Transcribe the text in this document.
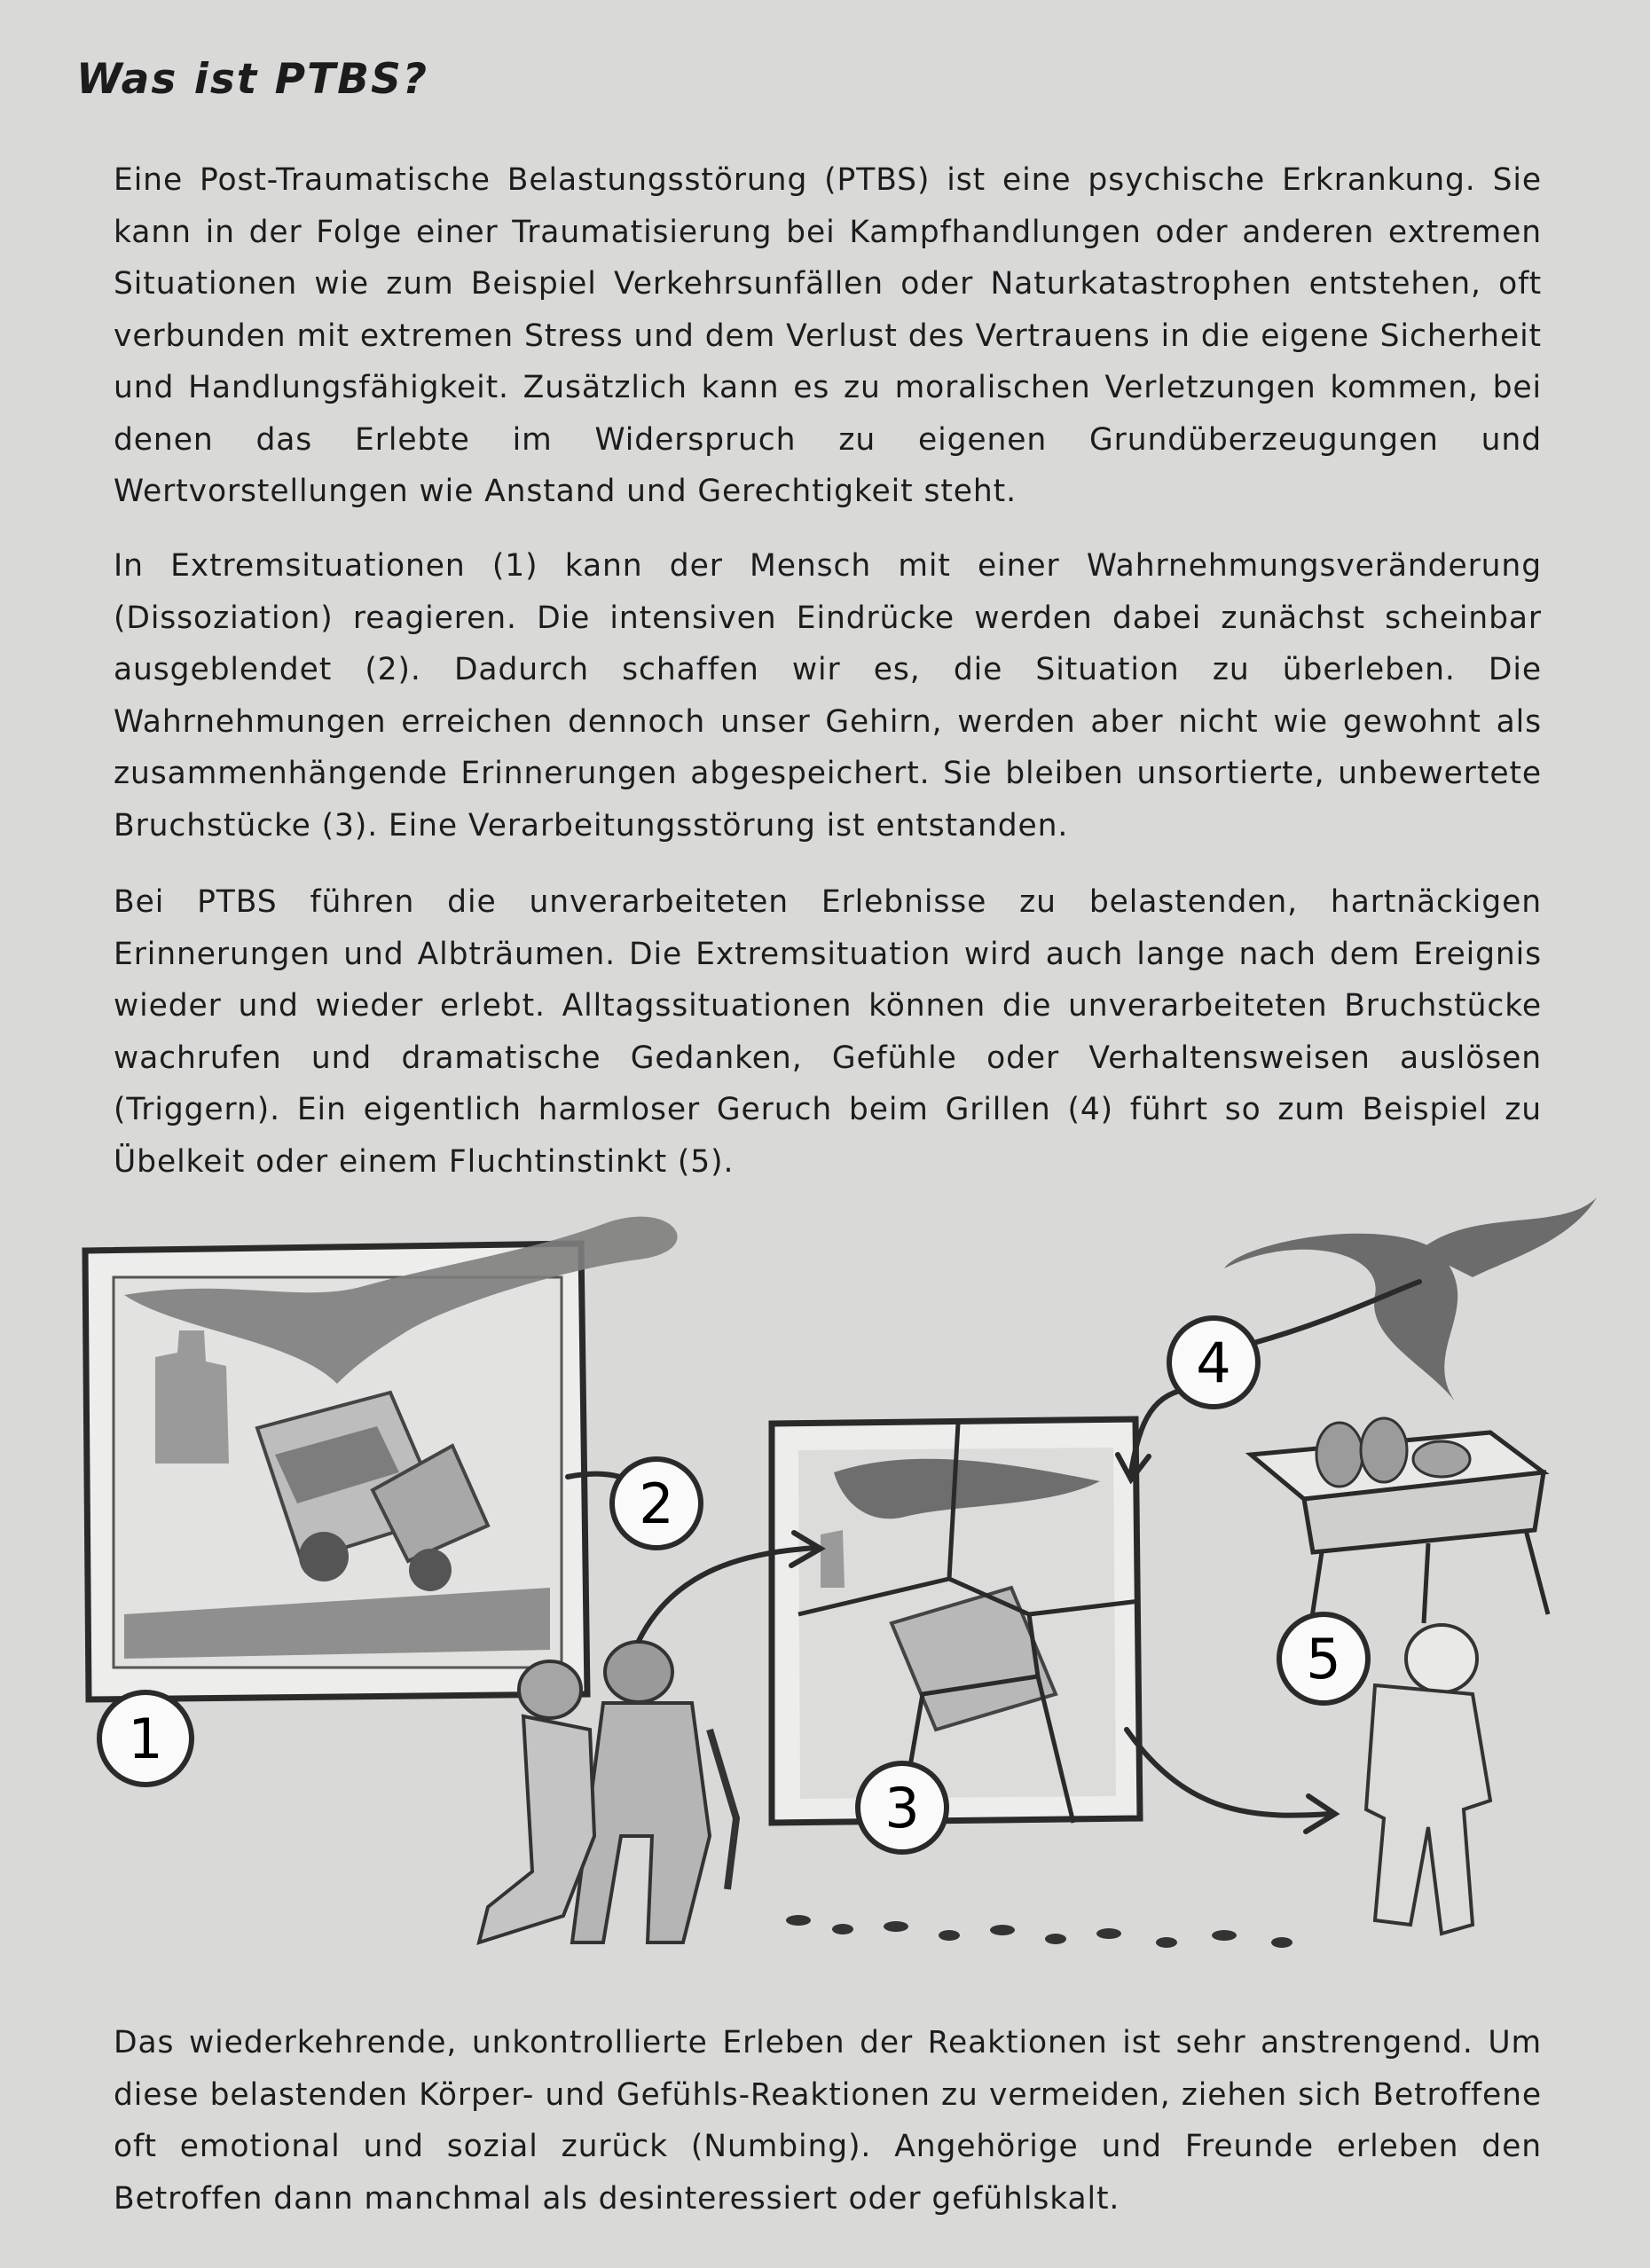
Was ist PTBS?

Eine Post-Traumatische Belastungsstörung (PTBS) ist eine psychische Erkrankung. Sie kann in der Folge einer Traumatisierung bei Kampfhandlungen oder anderen extremen Situationen wie zum Beispiel Verkehrsunfällen oder Naturkatastrophen entstehen, oft verbunden mit extremen Stress und dem Verlust des Vertrauens in die eigene Sicherheit und Handlungsfähigkeit. Zusätzlich kann es zu moralischen Verletzungen kommen, bei denen das Erlebte im Widerspruch zu eigenen Grundüberzeugungen und Wertvorstellungen wie Anstand und Gerechtigkeit steht.

In Extremsituationen (1) kann der Mensch mit einer Wahrnehmungsveränderung (Dissoziation) reagieren. Die intensiven Eindrücke werden dabei zunächst scheinbar ausgeblendet (2). Dadurch schaffen wir es, die Situation zu überleben. Die Wahrnehmungen erreichen dennoch unser Gehirn, werden aber nicht wie gewohnt als zusammenhängende Erinnerungen abgespeichert. Sie bleiben unsortierte, unbewertete Bruchstücke (3). Eine Verarbeitungsstörung ist entstanden.

Bei PTBS führen die unverarbeiteten Erlebnisse zu belastenden, hartnäckigen Erinnerungen und Albträumen. Die Extremsituation wird auch lange nach dem Ereignis wieder und wieder erlebt. Alltagssituationen können die unverarbeiteten Bruchstücke wachrufen und dramatische Gedanken, Gefühle oder Verhaltensweisen auslösen (Triggern). Ein eigentlich harmloser Geruch beim Grillen (4) führt so zum Beispiel zu Übelkeit oder einem Fluchtinstinkt (5).

1
2
3
4
5

Das wiederkehrende, unkontrollierte Erleben der Reaktionen ist sehr anstrengend. Um diese belastenden Körper- und Gefühls-Reaktionen zu vermeiden, ziehen sich Betroffene oft emotional und sozial zurück (Numbing). Angehörige und Freunde erleben den Betroffen dann manchmal als desinteressiert oder gefühlskalt.
